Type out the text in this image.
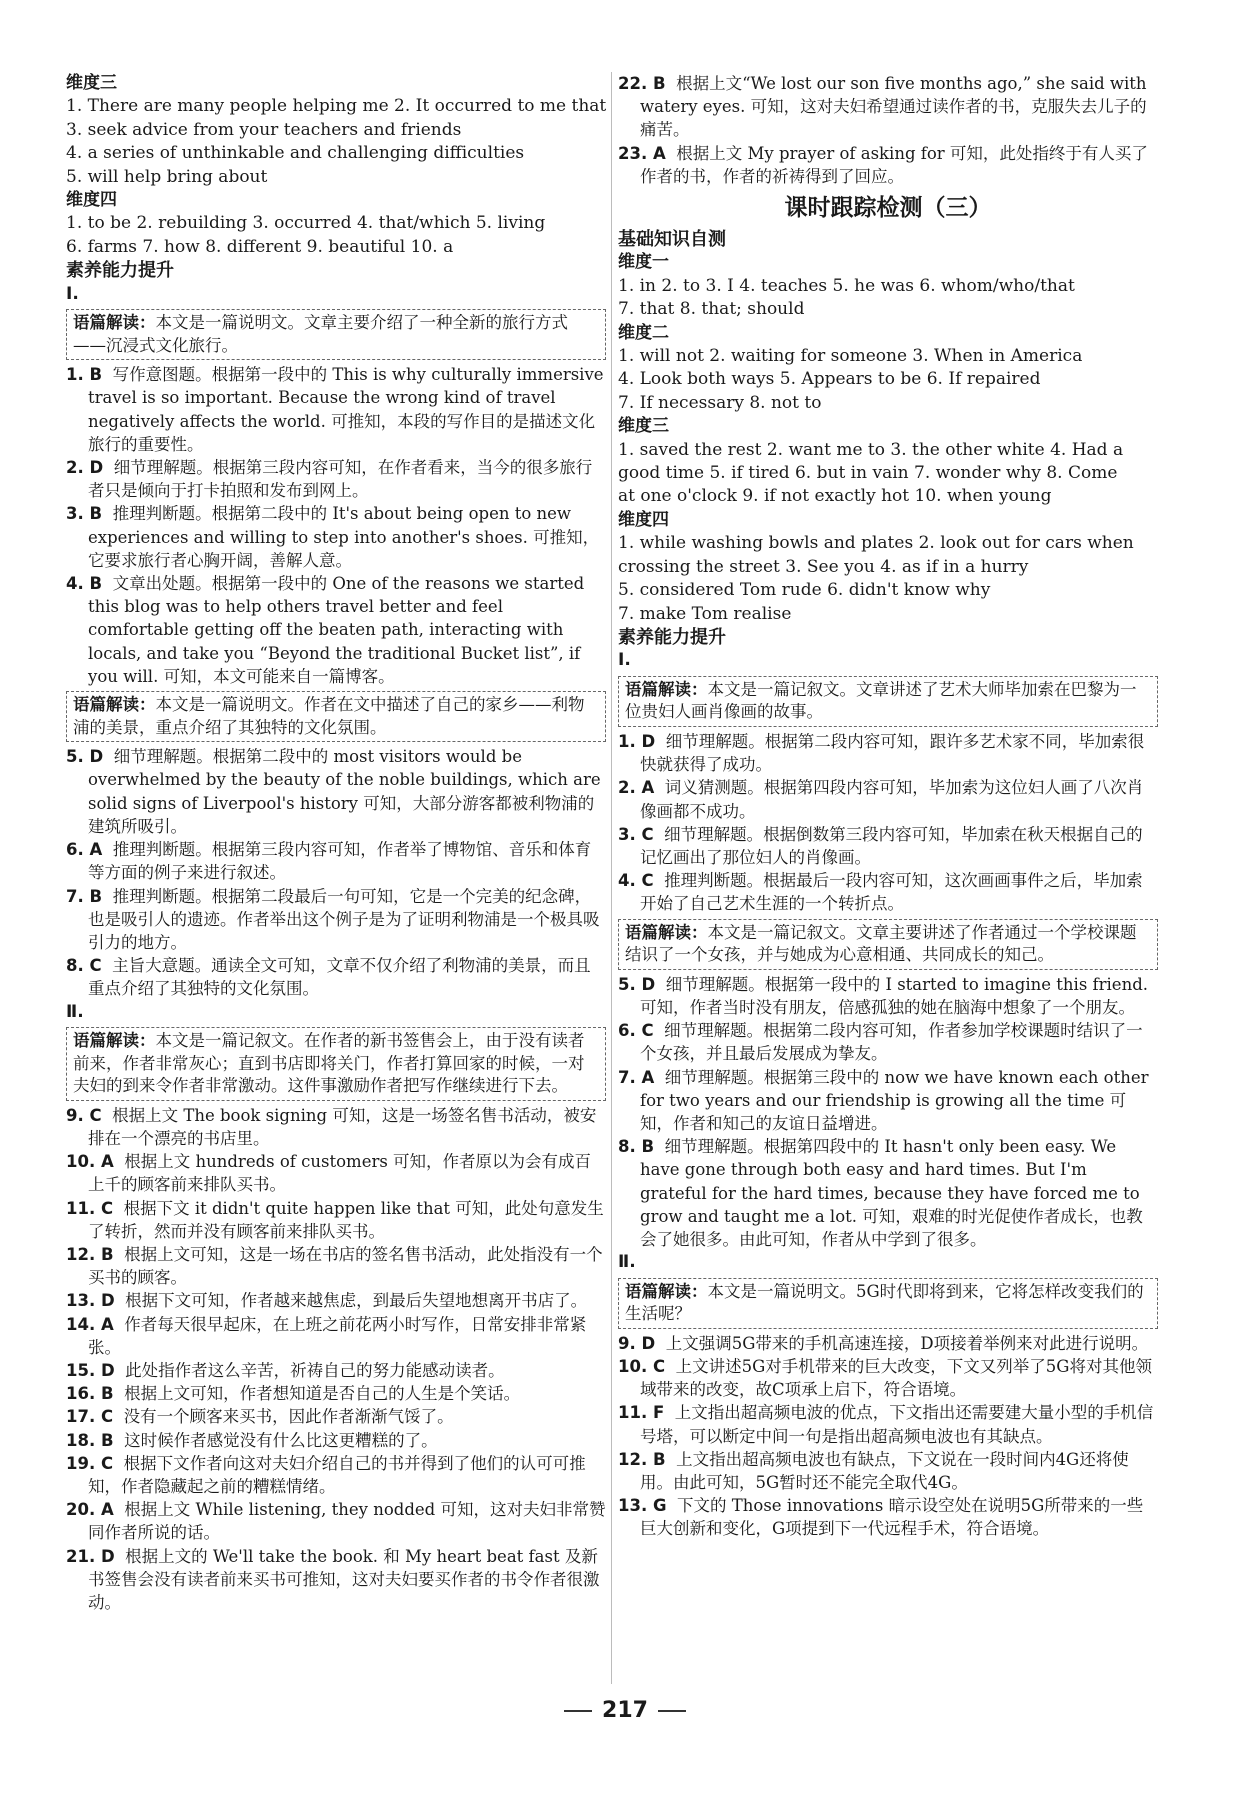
维度三
1. There are many people helping me 2. It occurred to me that
3. seek advice from your teachers and friends
4. a series of unthinkable and challenging difficulties
5. will help bring about
维度四
1. to be 2. rebuilding 3. occurred 4. that/which 5. living
6. farms 7. how 8. different 9. beautiful 10. a
素养能力提升
Ⅰ.
语篇解读：本文是一篇说明文。文章主要介绍了一种全新的旅行方式——沉浸式文化旅行。
1. B 写作意图题。根据第一段中的 This is why culturally immersive travel is so important. Because the wrong kind of travel negatively affects the world. 可推知，本段的写作目的是描述文化旅行的重要性。
2. D 细节理解题。根据第三段内容可知，在作者看来，当今的很多旅行者只是倾向于打卡拍照和发布到网上。
3. B 推理判断题。根据第二段中的 It's about being open to new experiences and willing to step into another's shoes. 可推知，它要求旅行者心胸开阔，善解人意。
4. B 文章出处题。根据第一段中的 One of the reasons we started this blog was to help others travel better and feel comfortable getting off the beaten path, interacting with locals, and take you “Beyond the traditional Bucket list”, if you will. 可知，本文可能来自一篇博客。
语篇解读：本文是一篇说明文。作者在文中描述了自己的家乡——利物浦的美景，重点介绍了其独特的文化氛围。
5. D 细节理解题。根据第二段中的 most visitors would be overwhelmed by the beauty of the noble buildings, which are solid signs of Liverpool's history 可知，大部分游客都被利物浦的建筑所吸引。
6. A 推理判断题。根据第三段内容可知，作者举了博物馆、音乐和体育等方面的例子来进行叙述。
7. B 推理判断题。根据第二段最后一句可知，它是一个完美的纪念碑，也是吸引人的遗迹。作者举出这个例子是为了证明利物浦是一个极具吸引力的地方。
8. C 主旨大意题。通读全文可知，文章不仅介绍了利物浦的美景，而且重点介绍了其独特的文化氛围。
Ⅱ.
语篇解读：本文是一篇记叙文。在作者的新书签售会上，由于没有读者前来，作者非常灰心；直到书店即将关门，作者打算回家的时候，一对夫妇的到来令作者非常激动。这件事激励作者把写作继续进行下去。
9. C 根据上文 The book signing 可知，这是一场签名售书活动，被安排在一个漂亮的书店里。
10. A 根据上文 hundreds of customers 可知，作者原以为会有成百上千的顾客前来排队买书。
11. C 根据下文 it didn't quite happen like that 可知，此处句意发生了转折，然而并没有顾客前来排队买书。
12. B 根据上文可知，这是一场在书店的签名售书活动，此处指没有一个买书的顾客。
13. D 根据下文可知，作者越来越焦虑，到最后失望地想离开书店了。
14. A 作者每天很早起床，在上班之前花两小时写作，日常安排非常紧张。
15. D 此处指作者这么辛苦，祈祷自己的努力能感动读者。
16. B 根据上文可知，作者想知道是否自己的人生是个笑话。
17. C 没有一个顾客来买书，因此作者渐渐气馁了。
18. B 这时候作者感觉没有什么比这更糟糕的了。
19. C 根据下文作者向这对夫妇介绍自己的书并得到了他们的认可可推知，作者隐藏起之前的糟糕情绪。
20. A 根据上文 While listening, they nodded 可知，这对夫妇非常赞同作者所说的话。
21. D 根据上文的 We'll take the book. 和 My heart beat fast 及新书签售会没有读者前来买书可推知，这对夫妇要买作者的书令作者很激动。
22. B 根据上文“We lost our son five months ago,” she said with watery eyes. 可知，这对夫妇希望通过读作者的书，克服失去儿子的痛苦。
23. A 根据上文 My prayer of asking for 可知，此处指终于有人买了作者的书，作者的祈祷得到了回应。
课时跟踪检测（三）
基础知识自测
维度一
1. in 2. to 3. I 4. teaches 5. he was 6. whom/who/that
7. that 8. that; should
维度二
1. will not 2. waiting for someone 3. When in America
4. Look both ways 5. Appears to be 6. If repaired
7. If necessary 8. not to
维度三
1. saved the rest 2. want me to 3. the other white 4. Had a
good time 5. if tired 6. but in vain 7. wonder why 8. Come
at one o'clock 9. if not exactly hot 10. when young
维度四
1. while washing bowls and plates 2. look out for cars when
crossing the street 3. See you 4. as if in a hurry
5. considered Tom rude 6. didn't know why
7. make Tom realise
素养能力提升
Ⅰ.
语篇解读：本文是一篇记叙文。文章讲述了艺术大师毕加索在巴黎为一位贵妇人画肖像画的故事。
1. D 细节理解题。根据第二段内容可知，跟许多艺术家不同，毕加索很快就获得了成功。
2. A 词义猜测题。根据第四段内容可知，毕加索为这位妇人画了八次肖像画都不成功。
3. C 细节理解题。根据倒数第三段内容可知，毕加索在秋天根据自己的记忆画出了那位妇人的肖像画。
4. C 推理判断题。根据最后一段内容可知，这次画画事件之后，毕加索开始了自己艺术生涯的一个转折点。
语篇解读：本文是一篇记叙文。文章主要讲述了作者通过一个学校课题结识了一个女孩，并与她成为心意相通、共同成长的知己。
5. D 细节理解题。根据第一段中的 I started to imagine this friend. 可知，作者当时没有朋友，倍感孤独的她在脑海中想象了一个朋友。
6. C 细节理解题。根据第二段内容可知，作者参加学校课题时结识了一个女孩，并且最后发展成为挚友。
7. A 细节理解题。根据第三段中的 now we have known each other for two years and our friendship is growing all the time 可知，作者和知己的友谊日益增进。
8. B 细节理解题。根据第四段中的 It hasn't only been easy. We have gone through both easy and hard times. But I'm grateful for the hard times, because they have forced me to grow and taught me a lot. 可知，艰难的时光促使作者成长，也教会了她很多。由此可知，作者从中学到了很多。
Ⅱ.
语篇解读：本文是一篇说明文。5G时代即将到来，它将怎样改变我们的生活呢？
9. D 上文强调5G带来的手机高速连接，D项接着举例来对此进行说明。
10. C 上文讲述5G对手机带来的巨大改变，下文又列举了5G将对其他领域带来的改变，故C项承上启下，符合语境。
11. F 上文指出超高频电波的优点，下文指出还需要建大量小型的手机信号塔，可以断定中间一句是指出超高频电波也有其缺点。
12. B 上文指出超高频电波也有缺点，下文说在一段时间内4G还将使用。由此可知，5G暂时还不能完全取代4G。
13. G 下文的 Those innovations 暗示设空处在说明5G所带来的一些巨大创新和变化，G项提到下一代远程手术，符合语境。
217
